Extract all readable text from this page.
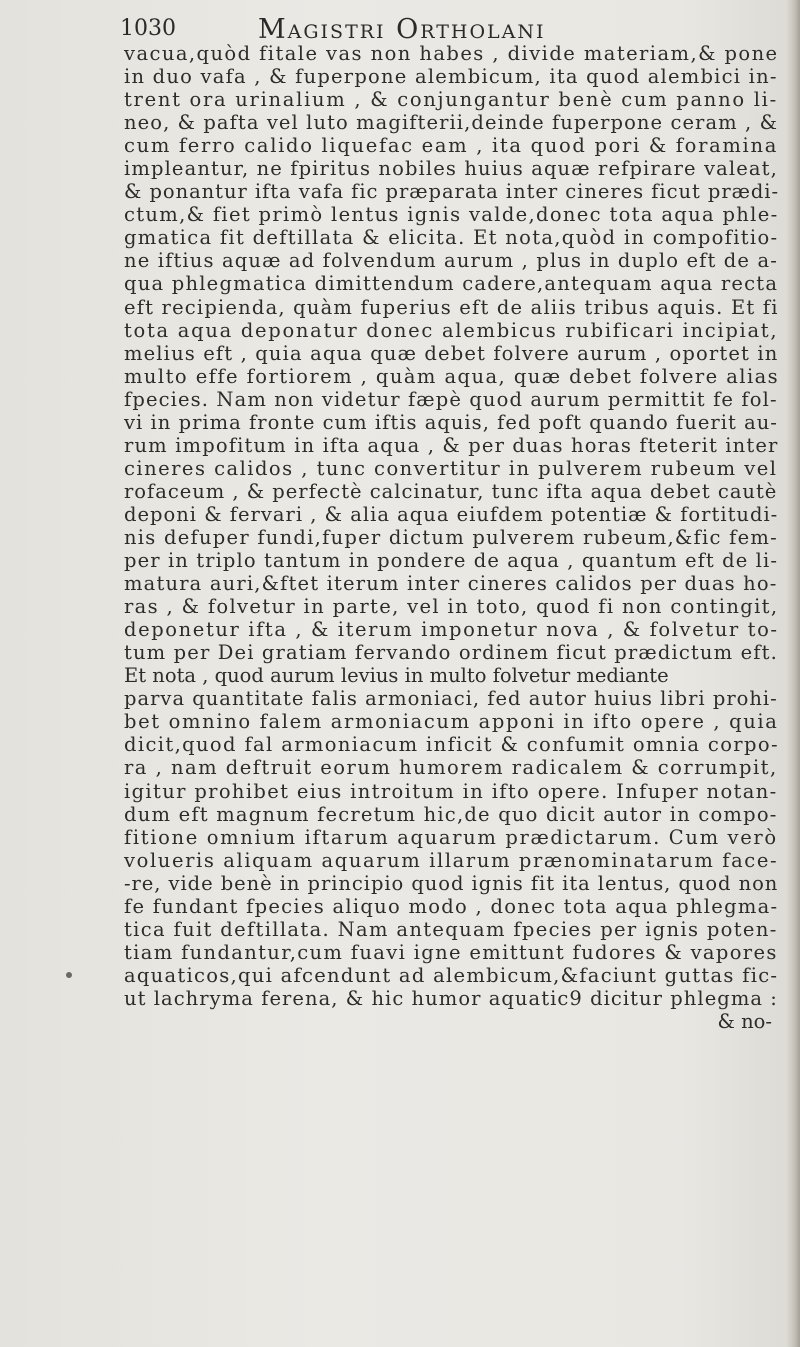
1030	Magistri Ortholani
vacua,quòd fitale vas non habes , divide materiam,& pone
in duo vafa , & fuperpone alembicum, ita quod alembici in-
trent ora urinalium , & conjungantur benè cum panno li-
neo, & pafta vel luto magifterii,deinde fuperpone ceram , &
cum ferro calido liquefac eam , ita quod pori & foramina
impleantur, ne fpiritus nobiles huius aquæ refpirare valeat,
& ponantur ifta vafa fic præparata inter cineres ficut prædi-
ctum,& fiet primò lentus ignis valde,donec tota aqua phle-
gmatica fit deftillata & elicita. Et nota,quòd in compofitio-
ne iftius aquæ ad folvendum aurum , plus in duplo eft de a-
qua phlegmatica dimittendum cadere,antequam aqua recta
eft recipienda, quàm fuperius eft de aliis tribus aquis. Et fi
tota aqua deponatur donec alembicus rubificari incipiat,
melius eft , quia aqua quæ debet folvere aurum , oportet in
multo effe fortiorem , quàm aqua, quæ debet folvere alias
fpecies. Nam non videtur fæpè quod aurum permittit fe fol-
vi in prima fronte cum iftis aquis, fed poft quando fuerit au-
rum impofitum in ifta aqua , & per duas horas fteterit inter
cineres calidos , tunc convertitur in pulverem rubeum vel
rofaceum , & perfectè calcinatur, tunc ifta aqua debet cautè
deponi & fervari , & alia aqua eiufdem potentiæ & fortitudi-
nis defuper fundi,fuper dictum pulverem rubeum,&fic fem-
per in triplo tantum in pondere de aqua , quantum eft de li-
matura auri,&ftet iterum inter cineres calidos per duas ho-
ras , & folvetur in parte, vel in toto, quod fi non contingit,
deponetur ifta , & iterum imponetur nova , & folvetur to-
tum per Dei gratiam fervando ordinem ficut prædictum eft.
Et nota , quod aurum levius in multo folvetur mediante
parva quantitate falis armoniaci, fed autor huius libri prohi-
bet omnino falem armoniacum apponi in ifto opere , quia
dicit,quod fal armoniacum inficit & confumit omnia corpo-
ra , nam deftruit eorum humorem radicalem & corrumpit,
igitur prohibet eius introitum in ifto opere. Infuper notan-
dum eft magnum fecretum hic,de quo dicit autor in compo-
fitione omnium iftarum aquarum prædictarum. Cum verò
volueris aliquam aquarum illarum prænominatarum face-
-re, vide benè in principio quod ignis fit ita lentus, quod non
fe fundant fpecies aliquo modo , donec tota aqua phlegma-
tica fuit deftillata. Nam antequam fpecies per ignis poten-
tiam fundantur,cum fuavi igne emittunt fudores & vapores
aquaticos,qui afcendunt ad alembicum,&faciunt guttas fic-
ut lachryma ferena, & hic humor aquatic9 dicitur phlegma :
& no-
